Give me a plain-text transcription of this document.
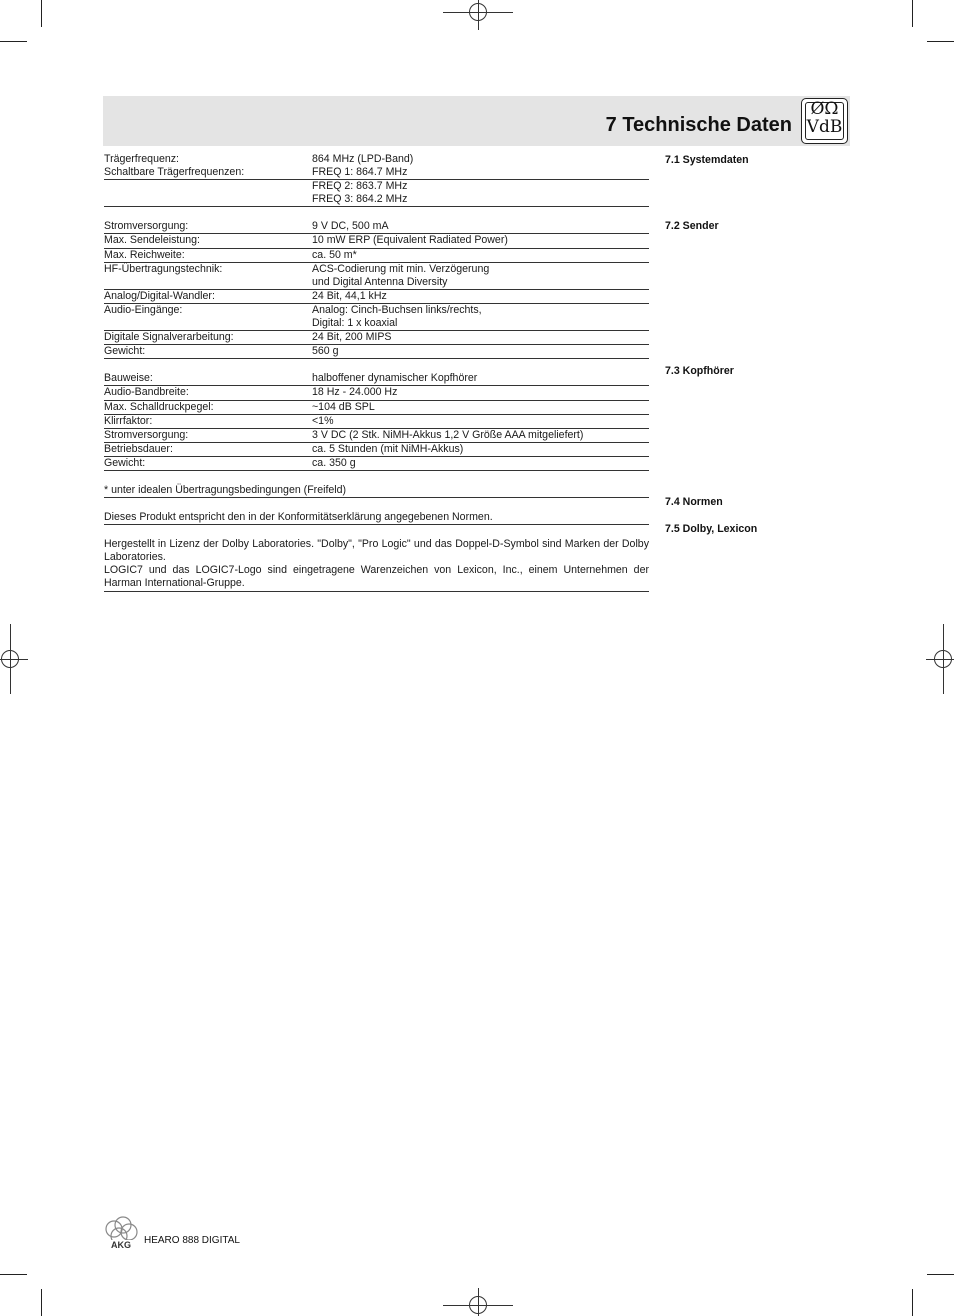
7 Technische Daten
ØΩ
VdB
Trägerfrequenz:	864 MHz (LPD-Band)
Schaltbare Trägerfrequenzen:	FREQ 1: 864.7 MHz
FREQ 2: 863.7 MHz
FREQ 3: 864.2 MHz
Stromversorgung:	9 V DC, 500 mA
Max. Sendeleistung:	10 mW ERP (Equivalent Radiated Power)
Max. Reichweite:	ca. 50 m*
HF-Übertragungstechnik:	ACS-Codierung mit min. Verzögerung
und Digital Antenna Diversity
Analog/Digital-Wandler:	24 Bit, 44,1 kHz
Audio-Eingänge:	Analog: Cinch-Buchsen links/rechts,
Digital: 1 x koaxial
Digitale Signalverarbeitung:	24 Bit, 200 MIPS
Gewicht:	560 g
Bauweise:	halboffener dynamischer Kopfhörer
Audio-Bandbreite:	18 Hz - 24.000 Hz
Max. Schalldruckpegel:	~104 dB SPL
Klirrfaktor:	<1%
Stromversorgung:	3 V DC (2 Stk. NiMH-Akkus 1,2 V Größe AAA mitgeliefert)
Betriebsdauer:	ca. 5 Stunden (mit NiMH-Akkus)
Gewicht:	ca. 350 g
* unter idealen Übertragungsbedingungen (Freifeld)
Dieses Produkt entspricht den in der Konformitätserklärung angegebenen Normen.
Hergestellt in Lizenz der Dolby Laboratories. "Dolby", "Pro Logic" und das Doppel-D-Symbol sind Marken der Dolby Laboratories.
LOGIC7 und das LOGIC7-Logo sind eingetragene Warenzeichen von Lexicon, Inc., einem Unternehmen der Harman International-Gruppe.
7.1 Systemdaten
7.2 Sender
7.3 Kopfhörer
7.4 Normen
7.5 Dolby, Lexicon
AKG HEARO 888 DIGITAL
